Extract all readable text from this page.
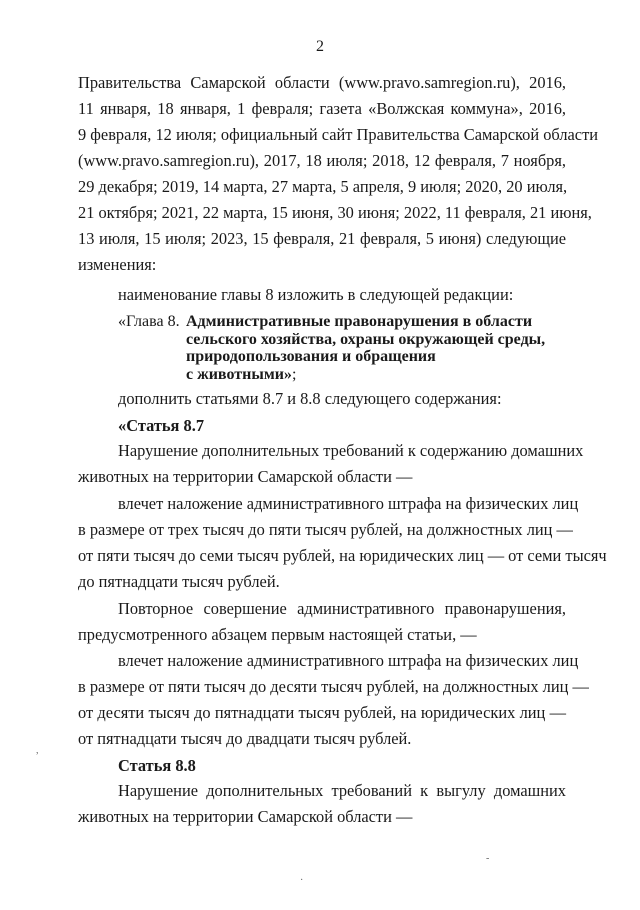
2
Правительства Самарской области (www.pravo.samregion.ru), 2016,
11 января, 18 января, 1 февраля; газета «Волжская коммуна», 2016,
9 февраля, 12 июля; официальный сайт Правительства Самарской области
(www.pravo.samregion.ru), 2017, 18 июля; 2018, 12 февраля, 7 ноября,
29 декабря; 2019, 14 марта, 27 марта, 5 апреля, 9 июля; 2020, 20 июля,
21 октября; 2021, 22 марта, 15 июня, 30 июня; 2022, 11 февраля, 21 июня,
13 июля, 15 июля; 2023, 15 февраля, 21 февраля, 5 июня) следующие
изменения:
наименование главы 8 изложить в следующей редакции:
«Глава 8. Административные правонарушения в области
сельского хозяйства, охраны окружающей среды,
природопользования и обращения
с животными»;
дополнить статьями 8.7 и 8.8 следующего содержания:
«Статья 8.7
Нарушение дополнительных требований к содержанию домашних
животных на территории Самарской области —
влечет наложение административного штрафа на физических лиц
в размере от трех тысяч до пяти тысяч рублей, на должностных лиц —
от пяти тысяч до семи тысяч рублей, на юридических лиц — от семи тысяч
до пятнадцати тысяч рублей.
Повторное совершение административного правонарушения,
предусмотренного абзацем первым настоящей статьи, —
влечет наложение административного штрафа на физических лиц
в размере от пяти тысяч до десяти тысяч рублей, на должностных лиц —
от десяти тысяч до пятнадцати тысяч рублей, на юридических лиц —
от пятнадцати тысяч до двадцати тысяч рублей.
Статья 8.8
Нарушение дополнительных требований к выгулу домашних
животных на территории Самарской области —
,
·
-
